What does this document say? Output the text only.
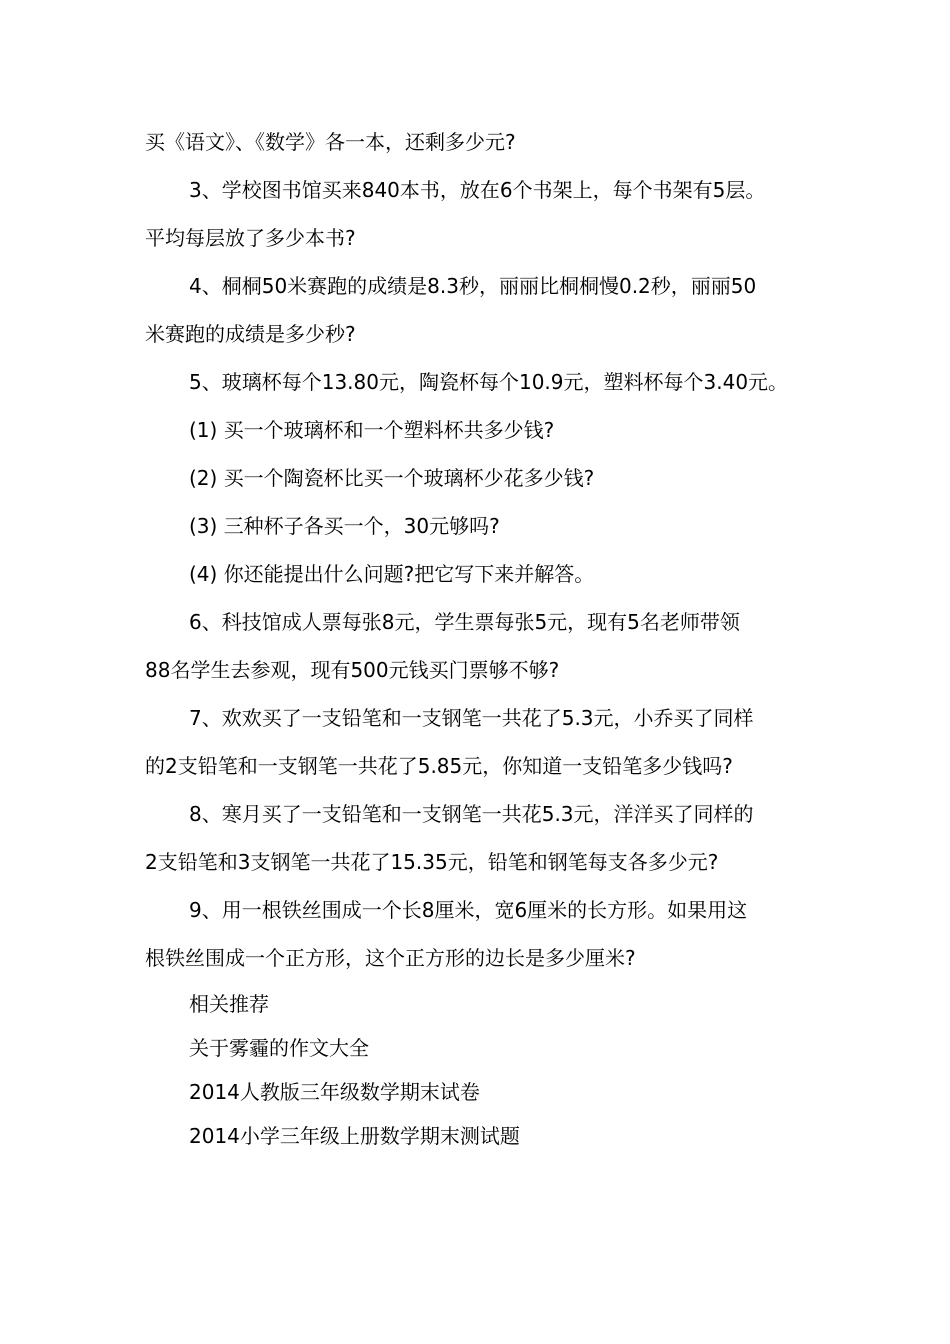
买《语文》、《数学》各一本，还剩多少元?
3、学校图书馆买来840本书，放在6个书架上，每个书架有5层。
平均每层放了多少本书?
4、桐桐50米赛跑的成绩是8.3秒，丽丽比桐桐慢0.2秒，丽丽50
米赛跑的成绩是多少秒?
5、玻璃杯每个13.80元，陶瓷杯每个10.9元，塑料杯每个3.40元。
(1) 买一个玻璃杯和一个塑料杯共多少钱?
(2) 买一个陶瓷杯比买一个玻璃杯少花多少钱?
(3) 三种杯子各买一个，30元够吗?
(4) 你还能提出什么问题?把它写下来并解答。
6、科技馆成人票每张8元，学生票每张5元，现有5名老师带领
88名学生去参观，现有500元钱买门票够不够?
7、欢欢买了一支铅笔和一支钢笔一共花了5.3元，小乔买了同样
的2支铅笔和一支钢笔一共花了5.85元，你知道一支铅笔多少钱吗?
8、寒月买了一支铅笔和一支钢笔一共花5.3元，洋洋买了同样的
2支铅笔和3支钢笔一共花了15.35元，铅笔和钢笔每支各多少元?
9、用一根铁丝围成一个长8厘米，宽6厘米的长方形。如果用这
根铁丝围成一个正方形，这个正方形的边长是多少厘米?
相关推荐
关于雾霾的作文大全
2014人教版三年级数学期末试卷
2014小学三年级上册数学期末测试题
